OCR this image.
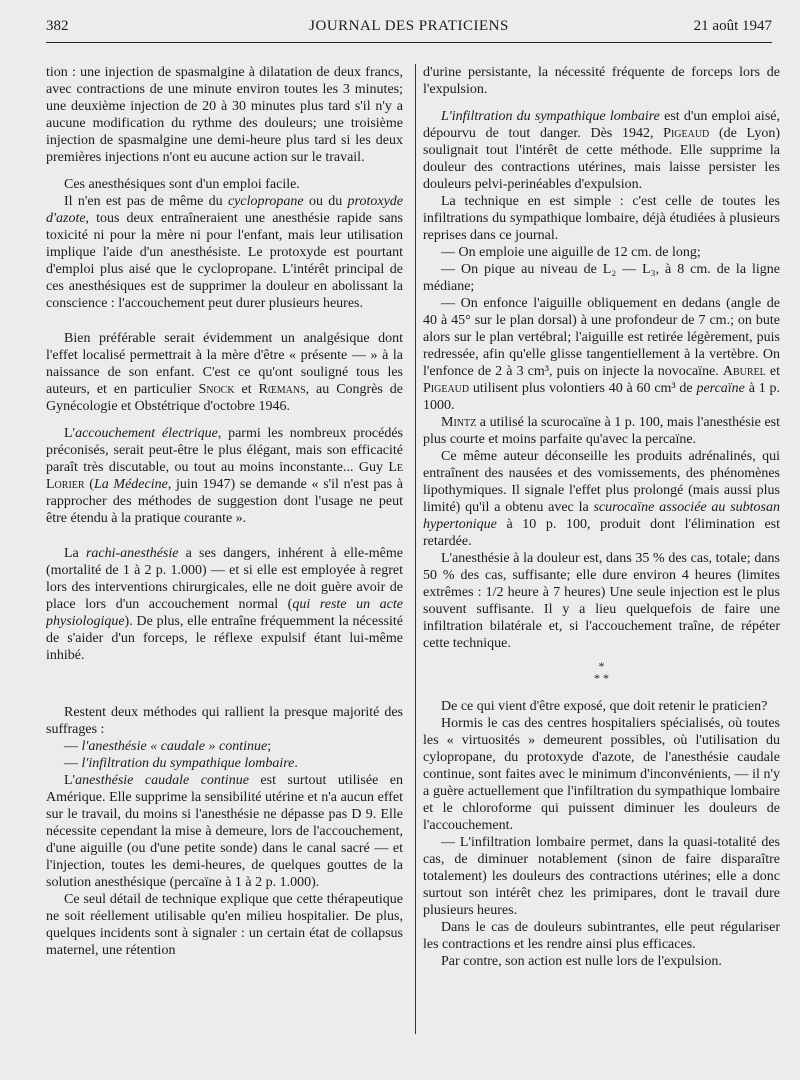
382	JOURNAL DES PRATICIENS	21 août 1947

tion : une injection de spasmalgine à dilatation de deux francs, avec contractions de une minute environ toutes les 3 minutes; une deuxième injection de 20 à 30 minutes plus tard s'il n'y a aucune modification du rythme des douleurs; une troisième injection de spasmalgine une demi-heure plus tard si les deux premières injections n'ont eu aucune action sur le travail.

Ces anesthésiques sont d'un emploi facile.

Il n'en est pas de même du cyclopropane ou du protoxyde d'azote, tous deux entraîneraient une anesthésie rapide sans toxicité ni pour la mère ni pour l'enfant, mais leur utilisation implique l'aide d'un anesthésiste. Le protoxyde est pourtant d'emploi plus aisé que le cyclopropane. L'intérêt principal de ces anesthésiques est de supprimer la douleur en abolissant la conscience : l'accouchement peut durer plusieurs heures.

Bien préférable serait évidemment un analgésique dont l'effet localisé permettrait à la mère d'être « présente — » à la naissance de son enfant. C'est ce qu'ont souligné tous les auteurs, et en particulier Snock et Rœmans, au Congrès de Gynécologie et Obstétrique d'octobre 1946.

L'accouchement électrique, parmi les nombreux procédés préconisés, serait peut-être le plus élégant, mais son efficacité paraît très discutable, ou tout au moins inconstante... Guy Le Lorier (La Médecine, juin 1947) se demande « s'il n'est pas à rapprocher des méthodes de suggestion dont l'usage ne peut être étendu à la pratique courante ».

La rachi-anesthésie a ses dangers, inhérent à elle-même (mortalité de 1 à 2 p. 1.000) — et si elle est employée à regret lors des interventions chirurgicales, elle ne doit guère avoir de place lors d'un accouchement normal (qui reste un acte physiologique). De plus, elle entraîne fréquemment la nécessité de s'aider d'un forceps, le réflexe expulsif étant lui-même inhibé.

Restent deux méthodes qui rallient la presque majorité des suffrages :

— l'anesthésie « caudale » continue;

— l'infiltration du sympathique lombaire.

L'anesthésie caudale continue est surtout utilisée en Amérique. Elle supprime la sensibilité utérine et n'a aucun effet sur le travail, du moins si l'anesthésie ne dépasse pas D 9. Elle nécessite cependant la mise à demeure, lors de l'accouchement, d'une aiguille (ou d'une petite sonde) dans le canal sacré — et l'injection, toutes les demi-heures, de quelques gouttes de la solution anesthésique (percaïne à 1 à 2 p. 1.000).

Ce seul détail de technique explique que cette thérapeutique ne soit réellement utilisable qu'en milieu hospitalier. De plus, quelques incidents sont à signaler : un certain état de collapsus maternel, une rétention

d'urine persistante, la nécessité fréquente de forceps lors de l'expulsion.

L'infiltration du sympathique lombaire est d'un emploi aisé, dépourvu de tout danger. Dès 1942, Pigeaud (de Lyon) soulignait tout l'intérêt de cette méthode. Elle supprime la douleur des contractions utérines, mais laisse persister les douleurs pelvi-perinéables d'expulsion.

La technique en est simple : c'est celle de toutes les infiltrations du sympathique lombaire, déjà étudiées à plusieurs reprises dans ce journal.

— On emploie une aiguille de 12 cm. de long;

— On pique au niveau de L₂ — L₃, à 8 cm. de la ligne médiane;

— On enfonce l'aiguille obliquement en dedans (angle de 40 à 45° sur le plan dorsal) à une profondeur de 7 cm.; on bute alors sur le plan vertébral; l'aiguille est retirée légèrement, puis redressée, afin qu'elle glisse tangentiellement à la vertèbre. On l'enfonce de 2 à 3 cm³, puis on injecte la novocaïne. Aburel et Pigeaud utilisent plus volontiers 40 à 60 cm³ de percaïne à 1 p. 1000.

Mintz a utilisé la scurocaïne à 1 p. 100, mais l'anesthésie est plus courte et moins parfaite qu'avec la percaïne.

Ce même auteur déconseille les produits adrénalinés, qui entraînent des nausées et des vomissements, des phénomènes lipothymiques. Il signale l'effet plus prolongé (mais aussi plus limité) qu'il a obtenu avec la scurocaïne associée au subtosan hypertonique à 10 p. 100, produit dont l'élimination est retardée.

L'anesthésie à la douleur est, dans 35 % des cas, totale; dans 50 % des cas, suffisante; elle dure environ 4 heures (limites extrêmes : 1/2 heure à 7 heures) Une seule injection est le plus souvent suffisante. Il y a lieu quelquefois de faire une infiltration bilatérale et, si l'accouchement traîne, de répéter cette technique.

*
* *

De ce qui vient d'être exposé, que doit retenir le praticien?

Hormis le cas des centres hospitaliers spécialisés, où toutes les « virtuosités » demeurent possibles, où l'utilisation du cylopropane, du protoxyde d'azote, de l'anesthésie caudale continue, sont faites avec le minimum d'inconvénients, — il n'y a guère actuellement que l'infiltration du sympathique lombaire et le chloroforme qui puissent diminuer les douleurs de l'accouchement.

— L'infiltration lombaire permet, dans la quasi-totalité des cas, de diminuer notablement (sinon de faire disparaître totalement) les douleurs des contractions utérines; elle a donc surtout son intérêt chez les primipares, dont le travail dure plusieurs heures.

Dans le cas de douleurs subintrantes, elle peut régulariser les contractions et les rendre ainsi plus efficaces.

Par contre, son action est nulle lors de l'expulsion.
